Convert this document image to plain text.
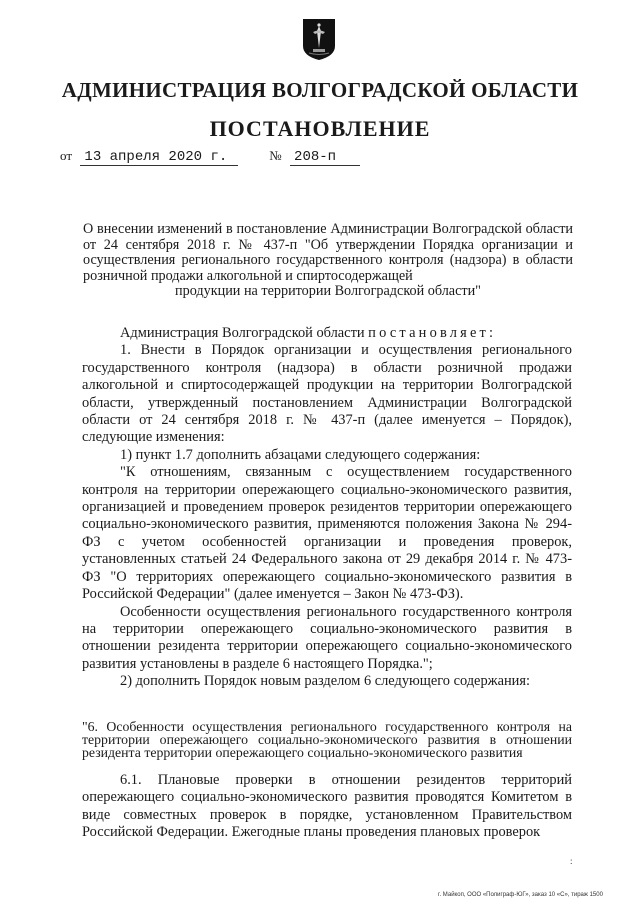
АДМИНИСТРАЦИЯ ВОЛГОГРАДСКОЙ ОБЛАСТИ
ПОСТАНОВЛЕНИЕ
от 13 апреля 2020 г.	№ 208-п
О внесении изменений в постановление Администрации Волгоградской области от 24 сентября 2018 г. № 437-п "Об утверждении Порядка организации и осуществления регионального государственного контроля (надзора) в области розничной продажи алкогольной и спиртосодержащей
продукции на территории Волгоградской области"

Администрация Волгоградской области постановляет:

1. Внести в Порядок организации и осуществления регионального государственного контроля (надзора) в области розничной продажи алкогольной и спиртосодержащей продукции на территории Волгоградской области, утвержденный постановлением Администрации Волгоградской области от 24 сентября 2018 г. № 437-п (далее именуется – Порядок), следующие изменения:

1) пункт 1.7 дополнить абзацами следующего содержания:

"К отношениям, связанным с осуществлением государственного контроля на территории опережающего социально-экономического развития, организацией и проведением проверок резидентов территории опережающего социально-экономического развития, применяются положения Закона № 294-ФЗ с учетом особенностей организации и проведения проверок, установленных статьей 24 Федерального закона от 29 декабря 2014 г. № 473-ФЗ "О территориях опережающего социально-экономического развития в Российской Федерации" (далее именуется – Закон № 473-ФЗ).

Особенности осуществления регионального государственного контроля на территории опережающего социально-экономического развития в отношении резидента территории опережающего социально-экономического развития установлены в разделе 6 настоящего Порядка.";

2) дополнить Порядок новым разделом 6 следующего содержания:

"6. Особенности осуществления регионального государственного контроля на территории опережающего социально-экономического развития в отношении резидента территории опережающего социально-экономического развития

6.1. Плановые проверки в отношении резидентов территорий опережающего социально-экономического развития проводятся Комитетом в виде совместных проверок в порядке, установленном Правительством Российской Федерации. Ежегодные планы проведения плановых проверок

:
г. Майкоп, ООО «Полиграф-ЮГ», заказ 10 «С», тираж 1500
